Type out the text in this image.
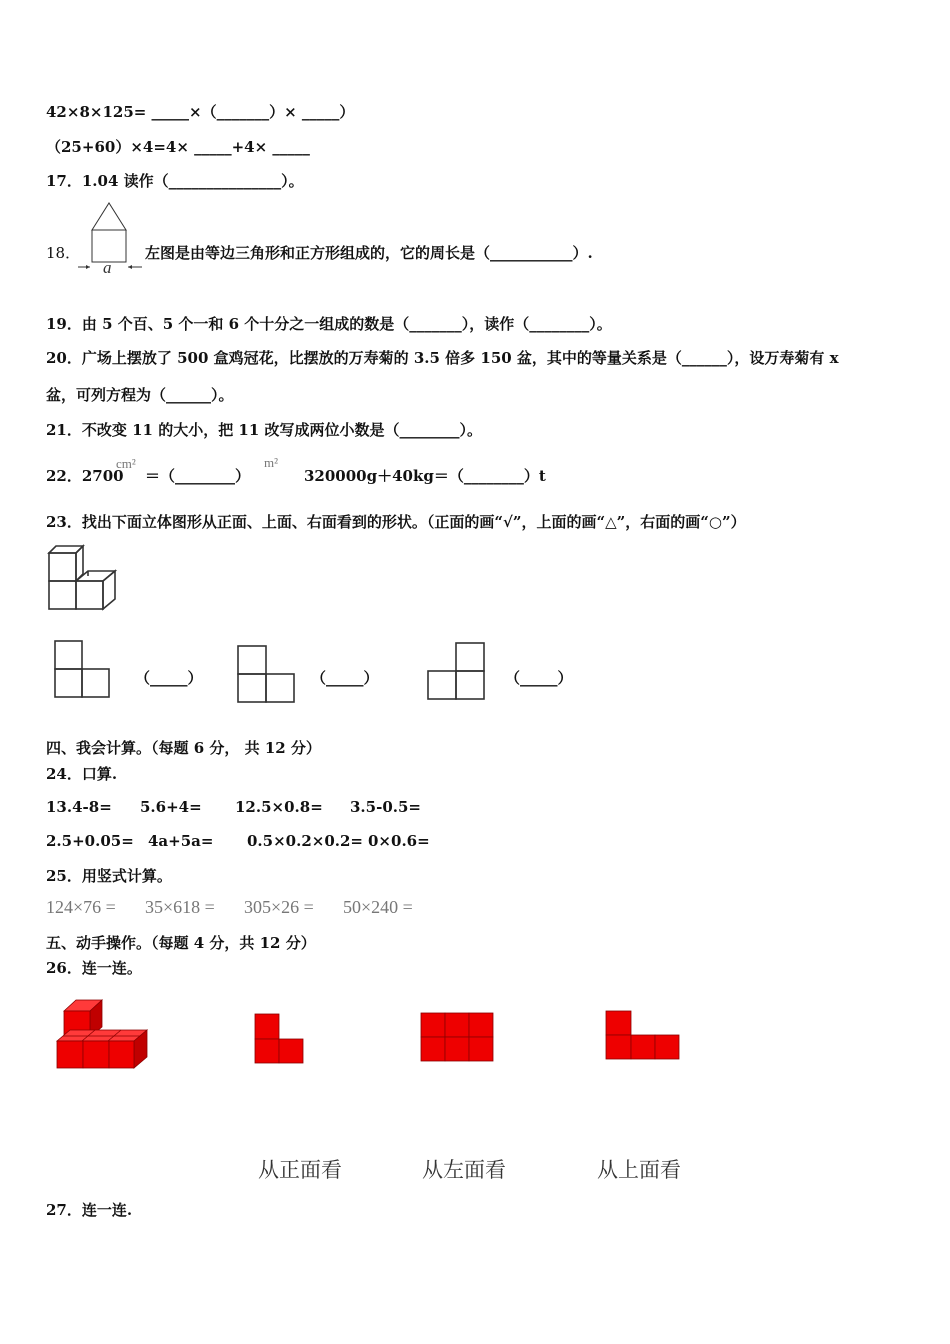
42×8×125= _____×（_______）× _____）
（25+60）×4=4× _____+4× _____
17．1.04 读作（_______________）。
18．
a
左图是由等边三角形和正方形组成的，它的周长是（___________）.
19．由 5 个百、5 个一和 6 个十分之一组成的数是（_______），读作（________）。
20．广场上摆放了 500 盒鸡冠花，比摆放的万寿菊的 3.5 倍多 150 盆，其中的等量关系是（______），设万寿菊有 x
盆，可列方程为（______）。
21．不改变 11 的大小，把 11 改写成两位小数是（________）。
22．2700
cm²
＝（________）
m²
320000g＋40kg＝（________）t
23．找出下面立体图形从正面、上面、右面看到的形状。（正面的画“√”，上面的画“△”，右面的画“○”）
（_____）	（_____）	（_____）
四、我会计算。（每题 6 分， 共 12 分）
24．口算.
13.4-8= 5.6+4= 12.5×0.8= 3.5-0.5=
2.5+0.05= 4a+5a= 0.5×0.2×0.2= 0×0.6=
25．用竖式计算。
124×76 = 35×618 = 305×26 = 50×240 =
五、动手操作。（每题 4 分，共 12 分）
26．连一连。
从正面看	从左面看	从上面看
27．连一连.
